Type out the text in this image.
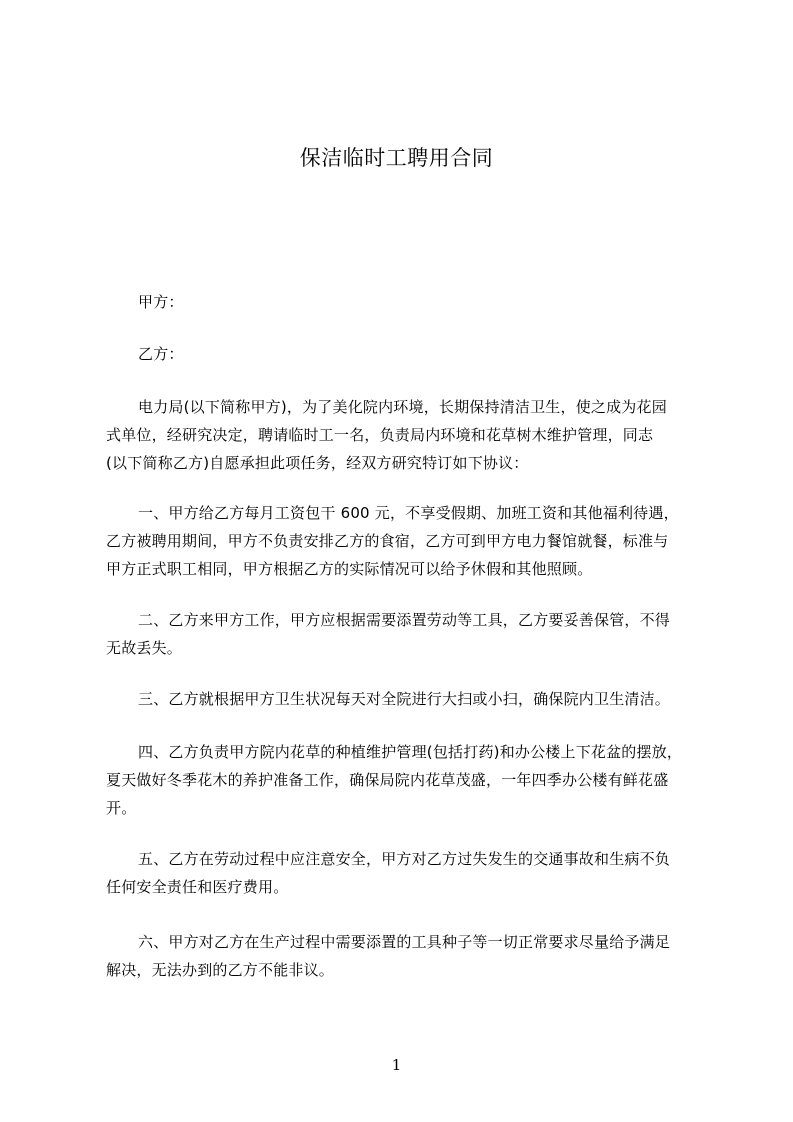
保洁临时工聘用合同
甲方：
乙方：
电力局(以下简称甲方)，为了美化院内环境，长期保持清洁卫生，使之成为花园
式单位，经研究决定，聘请临时工一名，负责局内环境和花草树木维护管理，同志
(以下简称乙方)自愿承担此项任务，经双方研究特订如下协议：
一、甲方给乙方每月工资包干 600 元，不享受假期、加班工资和其他福利待遇，
乙方被聘用期间，甲方不负责安排乙方的食宿，乙方可到甲方电力餐馆就餐，标准与
甲方正式职工相同，甲方根据乙方的实际情况可以给予休假和其他照顾。
二、乙方来甲方工作，甲方应根据需要添置劳动等工具，乙方要妥善保管，不得
无故丢失。
三、乙方就根据甲方卫生状况每天对全院进行大扫或小扫，确保院内卫生清洁。
四、乙方负责甲方院内花草的种植维护管理(包括打药)和办公楼上下花盆的摆放，
夏天做好冬季花木的养护准备工作，确保局院内花草茂盛，一年四季办公楼有鲜花盛
开。
五、乙方在劳动过程中应注意安全，甲方对乙方过失发生的交通事故和生病不负
任何安全责任和医疗费用。
六、甲方对乙方在生产过程中需要添置的工具种子等一切正常要求尽量给予满足
解决，无法办到的乙方不能非议。
1
